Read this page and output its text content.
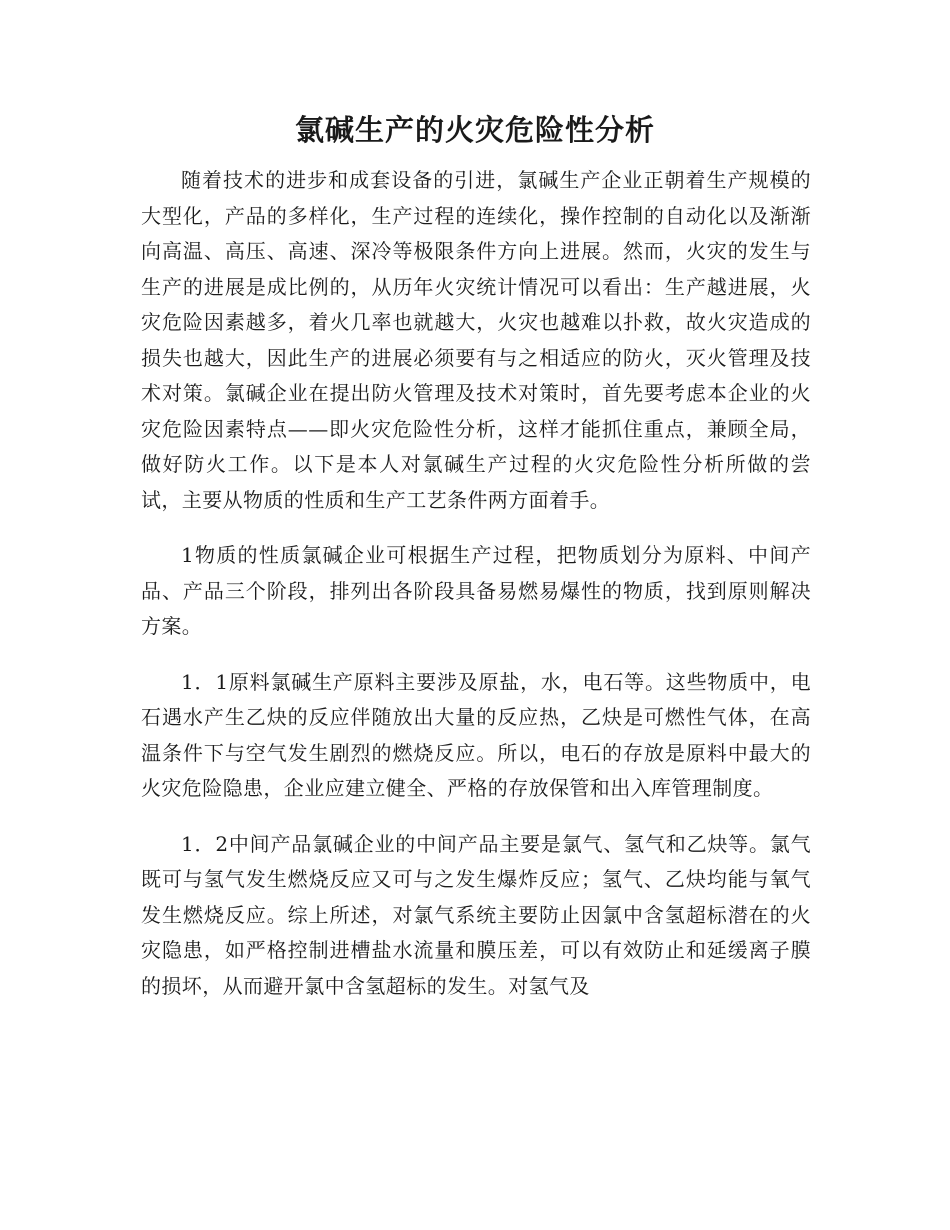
氯碱生产的火灾危险性分析

随着技术的进步和成套设备的引进，氯碱生产企业正朝着生产规模的大型化，产品的多样化，生产过程的连续化，操作控制的自动化以及渐渐向高温、高压、高速、深冷等极限条件方向上进展。然而，火灾的发生与生产的进展是成比例的，从历年火灾统计情况可以看出：生产越进展，火灾危险因素越多，着火几率也就越大，火灾也越难以扑救，故火灾造成的损失也越大，因此生产的进展必须要有与之相适应的防火，灭火管理及技术对策。氯碱企业在提出防火管理及技术对策时，首先要考虑本企业的火灾危险因素特点——即火灾危险性分析，这样才能抓住重点，兼顾全局，做好防火工作。以下是本人对氯碱生产过程的火灾危险性分析所做的尝试，主要从物质的性质和生产工艺条件两方面着手。

1物质的性质氯碱企业可根据生产过程，把物质划分为原料、中间产品、产品三个阶段，排列出各阶段具备易燃易爆性的物质，找到原则解决方案。

1．1原料氯碱生产原料主要涉及原盐，水，电石等。这些物质中，电石遇水产生乙炔的反应伴随放出大量的反应热，乙炔是可燃性气体，在高温条件下与空气发生剧烈的燃烧反应。所以，电石的存放是原料中最大的火灾危险隐患，企业应建立健全、严格的存放保管和出入库管理制度。

1．2中间产品氯碱企业的中间产品主要是氯气、氢气和乙炔等。氯气既可与氢气发生燃烧反应又可与之发生爆炸反应；氢气、乙炔均能与氧气发生燃烧反应。综上所述，对氯气系统主要防止因氯中含氢超标潜在的火灾隐患，如严格控制进槽盐水流量和膜压差，可以有效防止和延缓离子膜的损坏，从而避开氯中含氢超标的发生。对氢气及
